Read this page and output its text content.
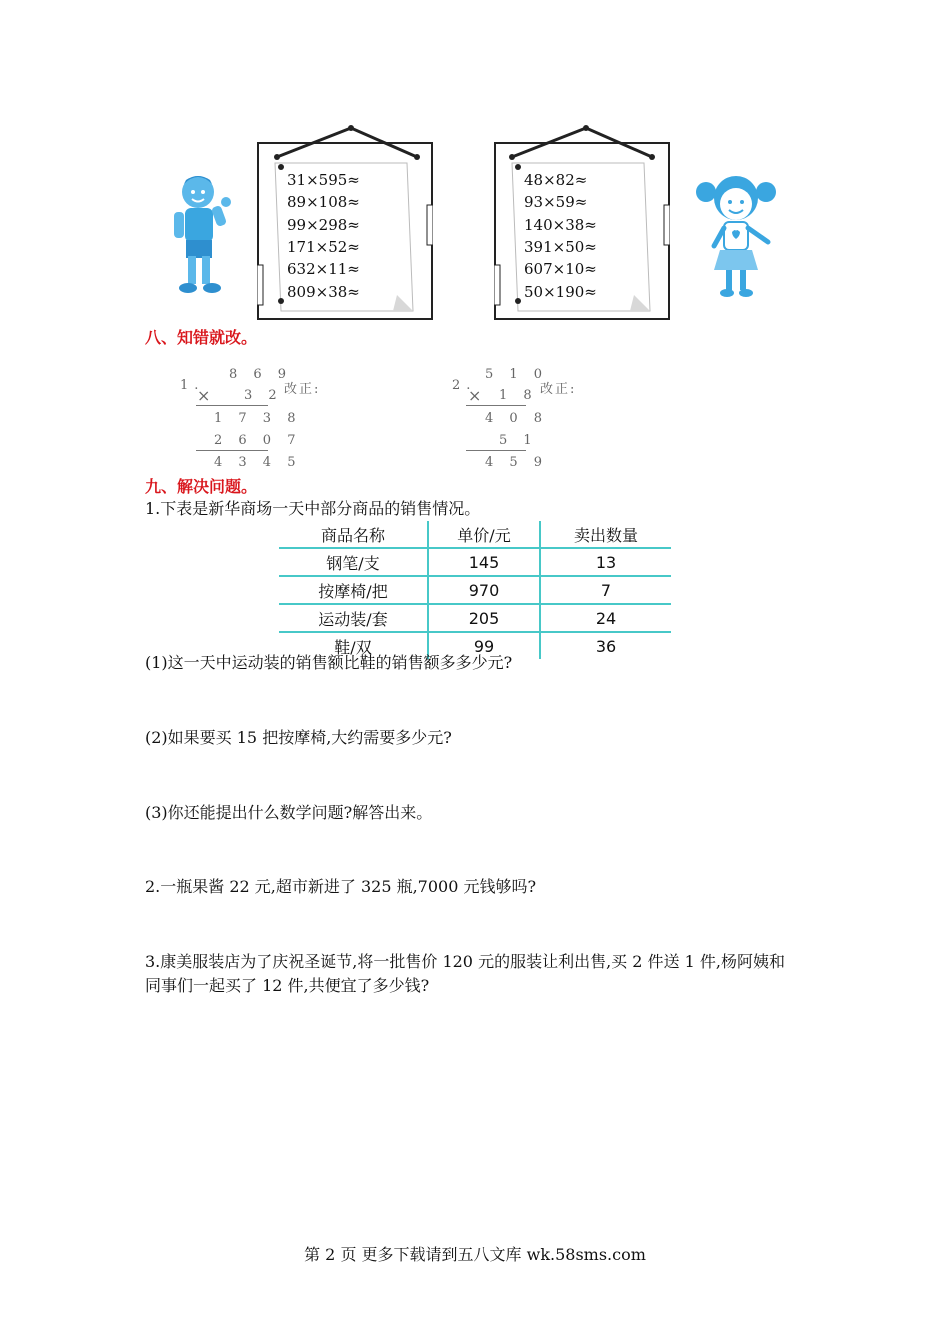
31×595≈
89×108≈
99×298≈
171×52≈
632×11≈
809×38≈
48×82≈
93×59≈
140×38≈
391×50≈
607×10≈
50×190≈
八、知错就改。
1.
8 6 9
× 3 2
1 7 3 8
2 6 0 7
4 3 4 5
改正:	2.
5 1 0
× 1 8
4 0 8
5 1
4 5 9
改正:
九、解决问题。
1.下表是新华商场一天中部分商品的销售情况。
商品名称	单价/元	卖出数量
钢笔/支	145	13
按摩椅/把	970	7
运动装/套	205	24
鞋/双	99	36
(1)这一天中运动装的销售额比鞋的销售额多多少元?
(2)如果要买 15 把按摩椅,大约需要多少元?
(3)你还能提出什么数学问题?解答出来。
2.一瓶果酱 22 元,超市新进了 325 瓶,7000 元钱够吗?
3.康美服装店为了庆祝圣诞节,将一批售价 120 元的服装让利出售,买 2 件送 1 件,杨阿姨和
同事们一起买了 12 件,共便宜了多少钱?
第 2 页 更多下载请到五八文库 wk.58sms.com
